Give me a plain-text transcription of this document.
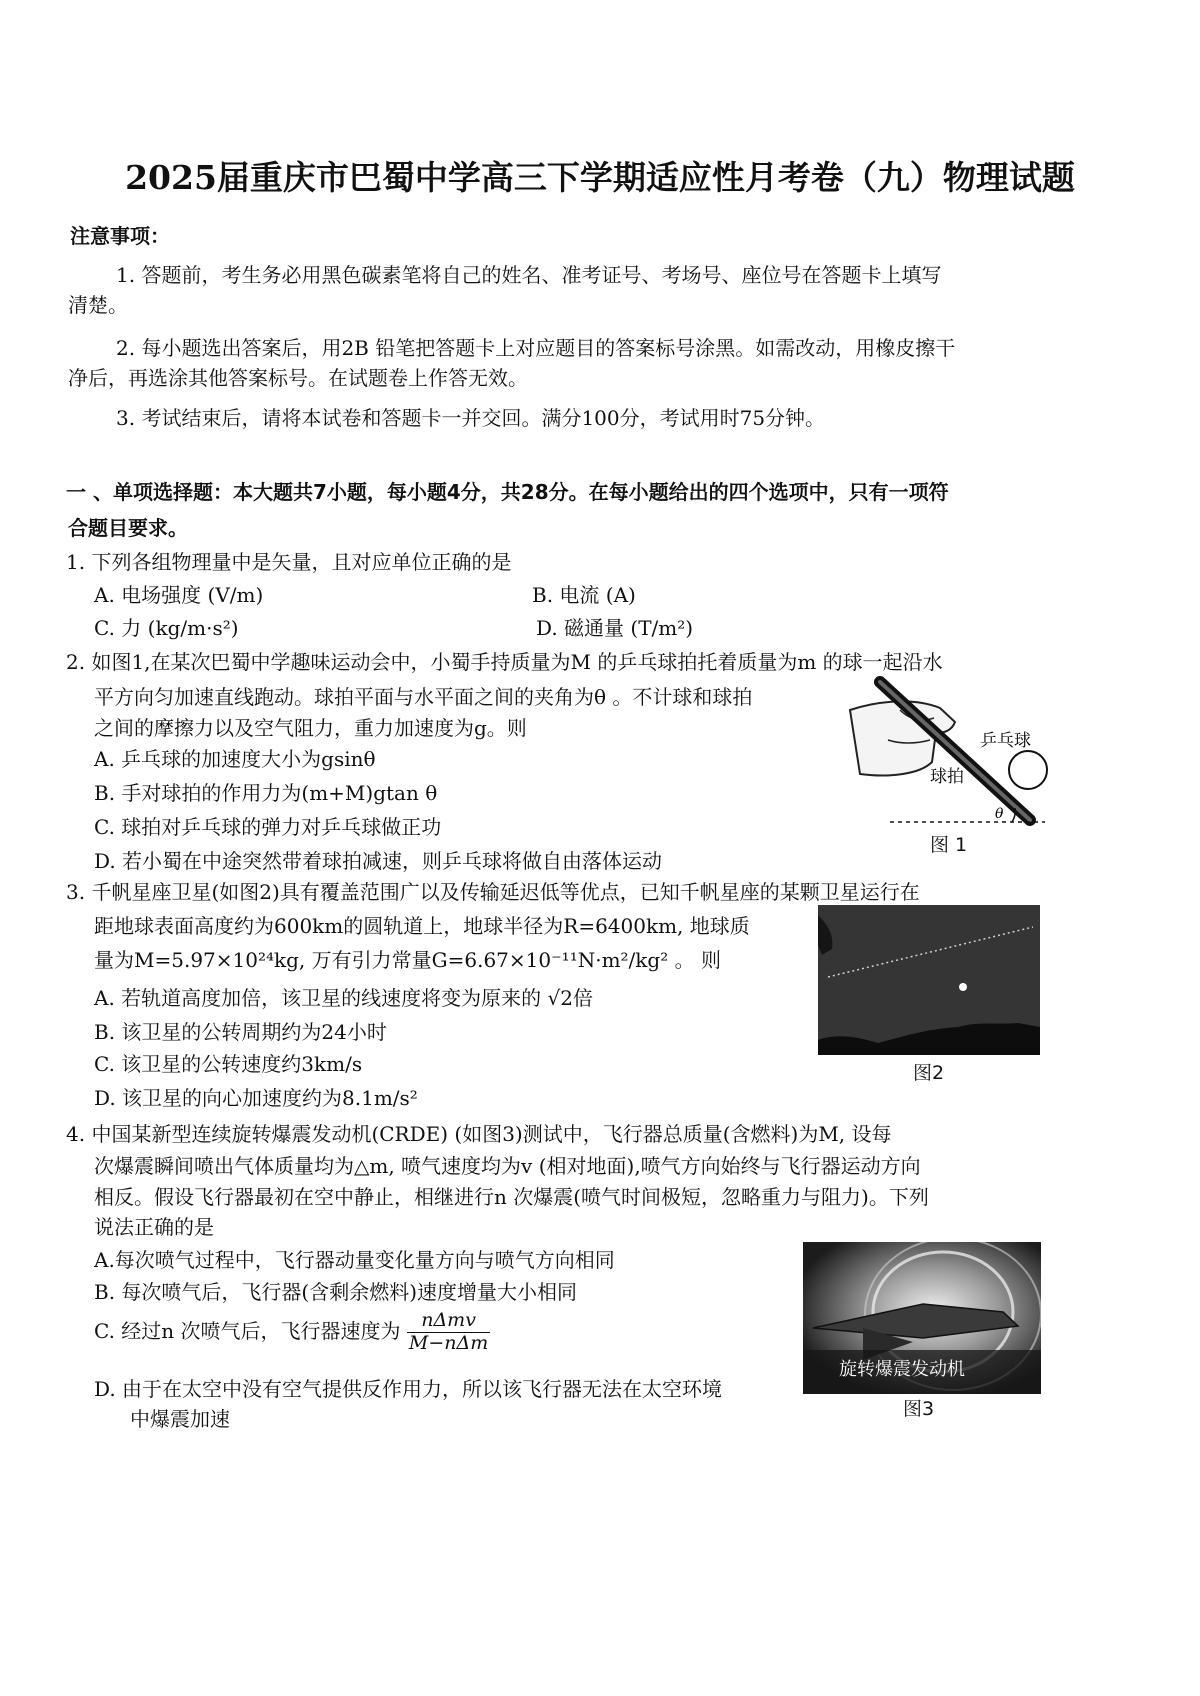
2025届重庆市巴蜀中学高三下学期适应性月考卷（九）物理试题
注意事项：
1. 答题前，考生务必用黑色碳素笔将自己的姓名、准考证号、考场号、座位号在答题卡上填写
清楚。
2. 每小题选出答案后，用2B 铅笔把答题卡上对应题目的答案标号涂黑。如需改动，用橡皮擦干
净后，再选涂其他答案标号。在试题卷上作答无效。
3. 考试结束后，请将本试卷和答题卡一并交回。满分100分，考试用时75分钟。
一 、单项选择题：本大题共7小题，每小题4分，共28分。在每小题给出的四个选项中，只有一项符
合题目要求。
1. 下列各组物理量中是矢量，且对应单位正确的是
A. 电场强度 (V/m)	B. 电流 (A)
C. 力 (kg/m·s²)	D. 磁通量 (T/m²)
2. 如图1,在某次巴蜀中学趣味运动会中，小蜀手持质量为M 的乒乓球拍托着质量为m 的球一起沿水
平方向匀加速直线跑动。球拍平面与水平面之间的夹角为θ 。不计球和球拍
之间的摩擦力以及空气阻力，重力加速度为g。则
A. 乒乓球的加速度大小为gsinθ
B. 手对球拍的作用力为(m+M)gtan θ
C. 球拍对乒乓球的弹力对乒乓球做正功
D. 若小蜀在中途突然带着球拍减速，则乒乓球将做自由落体运动
θ
乒乓球
球拍
图 1
3. 千帆星座卫星(如图2)具有覆盖范围广以及传输延迟低等优点，已知千帆星座的某颗卫星运行在
距地球表面高度约为600km的圆轨道上，地球半径为R=6400km, 地球质
量为M=5.97×10²⁴kg, 万有引力常量G=6.67×10⁻¹¹N·m²/kg² 。 则
A. 若轨道高度加倍，该卫星的线速度将变为原来的 √2倍
B. 该卫星的公转周期约为24小时
C. 该卫星的公转速度约3km/s
D. 该卫星的向心加速度约为8.1m/s²
图2
4. 中国某新型连续旋转爆震发动机(CRDE) (如图3)测试中，飞行器总质量(含燃料)为M, 设每
次爆震瞬间喷出气体质量均为△m, 喷气速度均为v (相对地面),喷气方向始终与飞行器运动方向
相反。假设飞行器最初在空中静止，相继进行n 次爆震(喷气时间极短，忽略重力与阻力)。下列
说法正确的是
A.每次喷气过程中，飞行器动量变化量方向与喷气方向相同
B. 每次喷气后，飞行器(含剩余燃料)速度增量大小相同
C. 经过n 次喷气后，飞行器速度为 $\frac{\text{nΔmv}}{\text{M−nΔm}}$
D. 由于在太空中没有空气提供反作用力，所以该飞行器无法在太空环境
中爆震加速
旋转爆震发动机
图3
